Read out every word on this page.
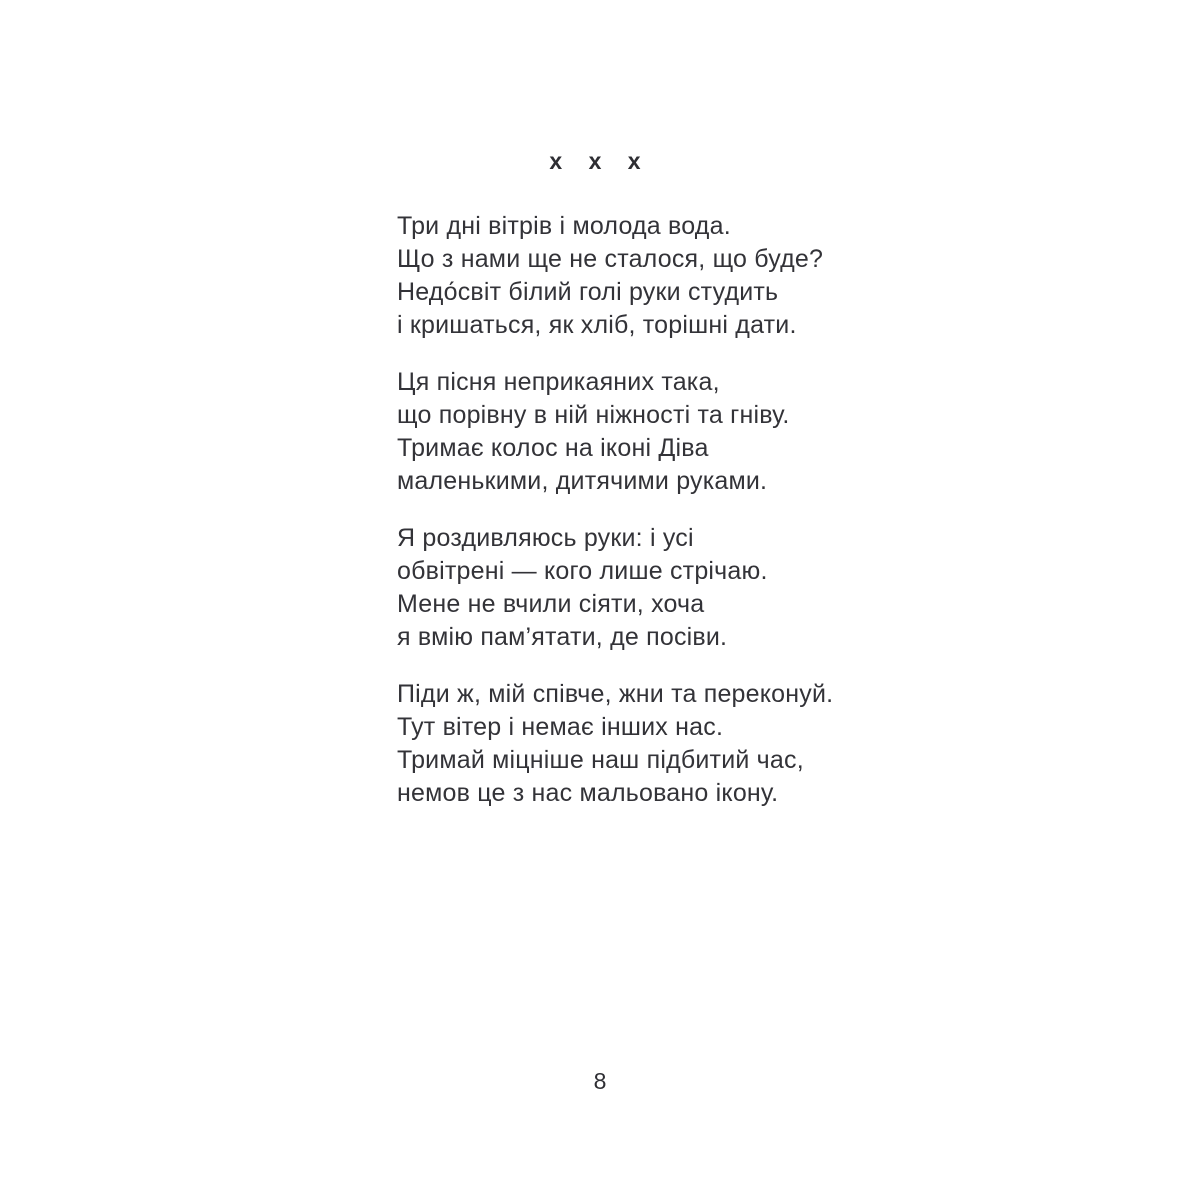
х х х

Три дні вітрів і молода вода.

Що з нами ще не сталося, що буде?

Недо́світ білий голі руки студить

і кришаться, як хліб, торішні дати.

Ця пісня неприкаяних така,

що порівну в ній ніжності та гніву.

Тримає колос на іконі Діва

маленькими, дитячими руками.

Я роздивляюсь руки: і усі

обвітрені — кого лише стрічаю.

Мене не вчили сіяти, хоча

я вмію пам’ятати, де посіви.

Піди ж, мій співче, жни та переконуй.

Тут вітер і немає інших нас.

Тримай міцніше наш підбитий час,

немов це з нас мальовано ікону.

8
